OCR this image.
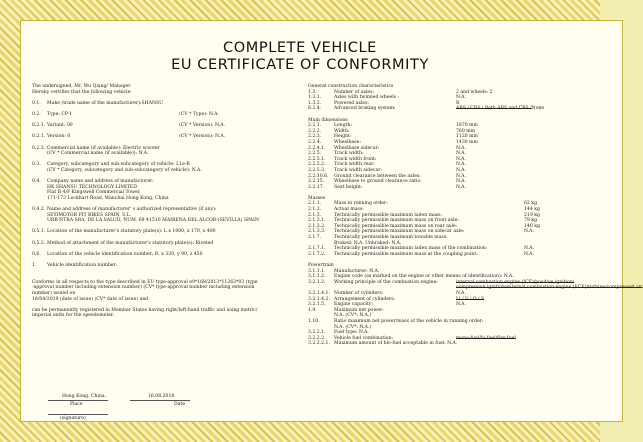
COMPLETE VEHICLE
EU CERTIFICATE OF CONFORMITY
The undersigned, Mr. Wu Qiang/ Manager
Hereby certifies that the following vehicle:
0.1.	Make (trade name of the manufacturer):SHANSU
0.2.	Type: CP-1	(CV * Type): N.A.
0.2.1. Variant: 00	(CV * Version): N.A.
0.2.1. Version: 0	(CV * Version): N.A.
0.2.3. Commercial name (if available): Electric scooter
(CV * Commercial name (if available)): N.A.
0.3.	Category, subcategory and sub-subcategory of vehicle: L1e-B
(CV * Category, subcategory and sub-subcategory of vehicle): N.A.
0.4.	Company name and address of manufacturer:
HK SHANSU TECHNOLOGY LIMITED
Flat B 4/F Kingswell Commercial Tower,
171-173 Lockhart Road, Wanchai Hong Kong, China
0.4.2. Name and address of manufacturer' s authorized representative (if any):
SEYIMOTOR PIT BIKES SPAIN, S.L.
URB NTRA SRA. DE LA SALUD, NUM. 68 41510 MAIRENA DEL ALCOR-(SEVILLA) SPAIN
0.5.1. Location of the manufacturer's statutory plate(s): L x 1000, x 170, x 400
0.5.2. Method of attachment of the manufacturer's statutory plate(s): Riveted
0.6.	Location of the vehicle identification number: R, x 330, y 90, z 450
1.	Vehicle identification number:
Conforms in all respects to the type described in EU type-approval e9*168/2013*11263*03 (type
-approval number including extension number) (CV* type-approval number including extension
number) issued on
16/04/2019 (date of issue) (CV* date of issue) and
can be permanently registered in Member States having right/left-hand traffic and using metric/
imperial units for the speedometer.
Hong Kong, China.	16.08.2018
Place	Date
(signature)
General construction characteristics
1.3.	Number of axles:	2 and wheels: 2
1.3.1.	Axles with twinned wheels :	N.A.
1.3.2.	Powered axles:	R
6.2.4.	Advanced braking system:	ABS / CBS / Both ABS and CBS / None
Main dimensions
2.2.1.	Length:	1870 mm
2.2.2.	Width:	760 mm
2.2.3.	Height:	1120 mm
2.2.4.	Wheelbase:	1430 mm
2.2.4.1.	Wheelbase sidecar:	N.A.
2.2.5.	Track width:	N.A.
2.2.5.1.	Track width front:	N.A.
2.2.5.2.	Track width rear:	N.A.
2.2.5.3.	Track width sidecar:	N.A.
2.2.10.6.	Ground clearance between the axles:	N.A.
2.2.15.	Wheelbase to ground clearance ratio:	N.A.
2.2.17.	Seat height:	N.A.
Masses
2.1.1.	Mass in running order:	62 kg
2.1.2.	Actual mass:	144 kg
2.1.3.	Technically permissible maximum laden mass:	219 kg
2.1.3.1.	Technically permissible maximum mass on front axle:	79 kg
2.1.3.2.	Technically permissible maximum mass on rear axle:	140 kg
2.1.3.3.	Technically permissible maximum mass on sidecar axle:	N.A.
2.1.7.	Technically permissible maximum towable mass:
Braked: N.A. Unbraked: N.A.
2.1.7.1.	Technically permissible maximum laden mass of the combination:	N.A.
2.1.7.2.	Technically permissible maximum mass at the coupling point:	N.A.
Powertrain
3.1.1.1.	Manufacturer: N.A.
3.1.1.2.	Engine code (as marked on the engine or other means of identification): N.A.
3.2.1.2.	Working principle of the combustion engine:	internal combustion engine (ICE)/positive ignition/
compression ignition/external combustion engine (ECE)/turbine/compressed air
3.2.1.4.1. Number of cylinders:	N.A.
3.2.1.4.2. Arrangement of cylinders:	Ll / V / O / S
3.2.1.5.	Engine capacity:	N.A.
1.9.	Maximum net power:
N.A. (CV*: N.A.)
1.10.	Ratio maximum net power/mass of the vehicle in running order:
N.A. (CV*: N.A.)
3.2.2.1.	Fuel type: N.A.
3.2.2.2.	Vehicle fuel combination:	mono-fuel/bi-fuel/flex-fuel
3.2.2.2.1. Maximum amount of bio-fuel acceptable in fuel: N.A.
